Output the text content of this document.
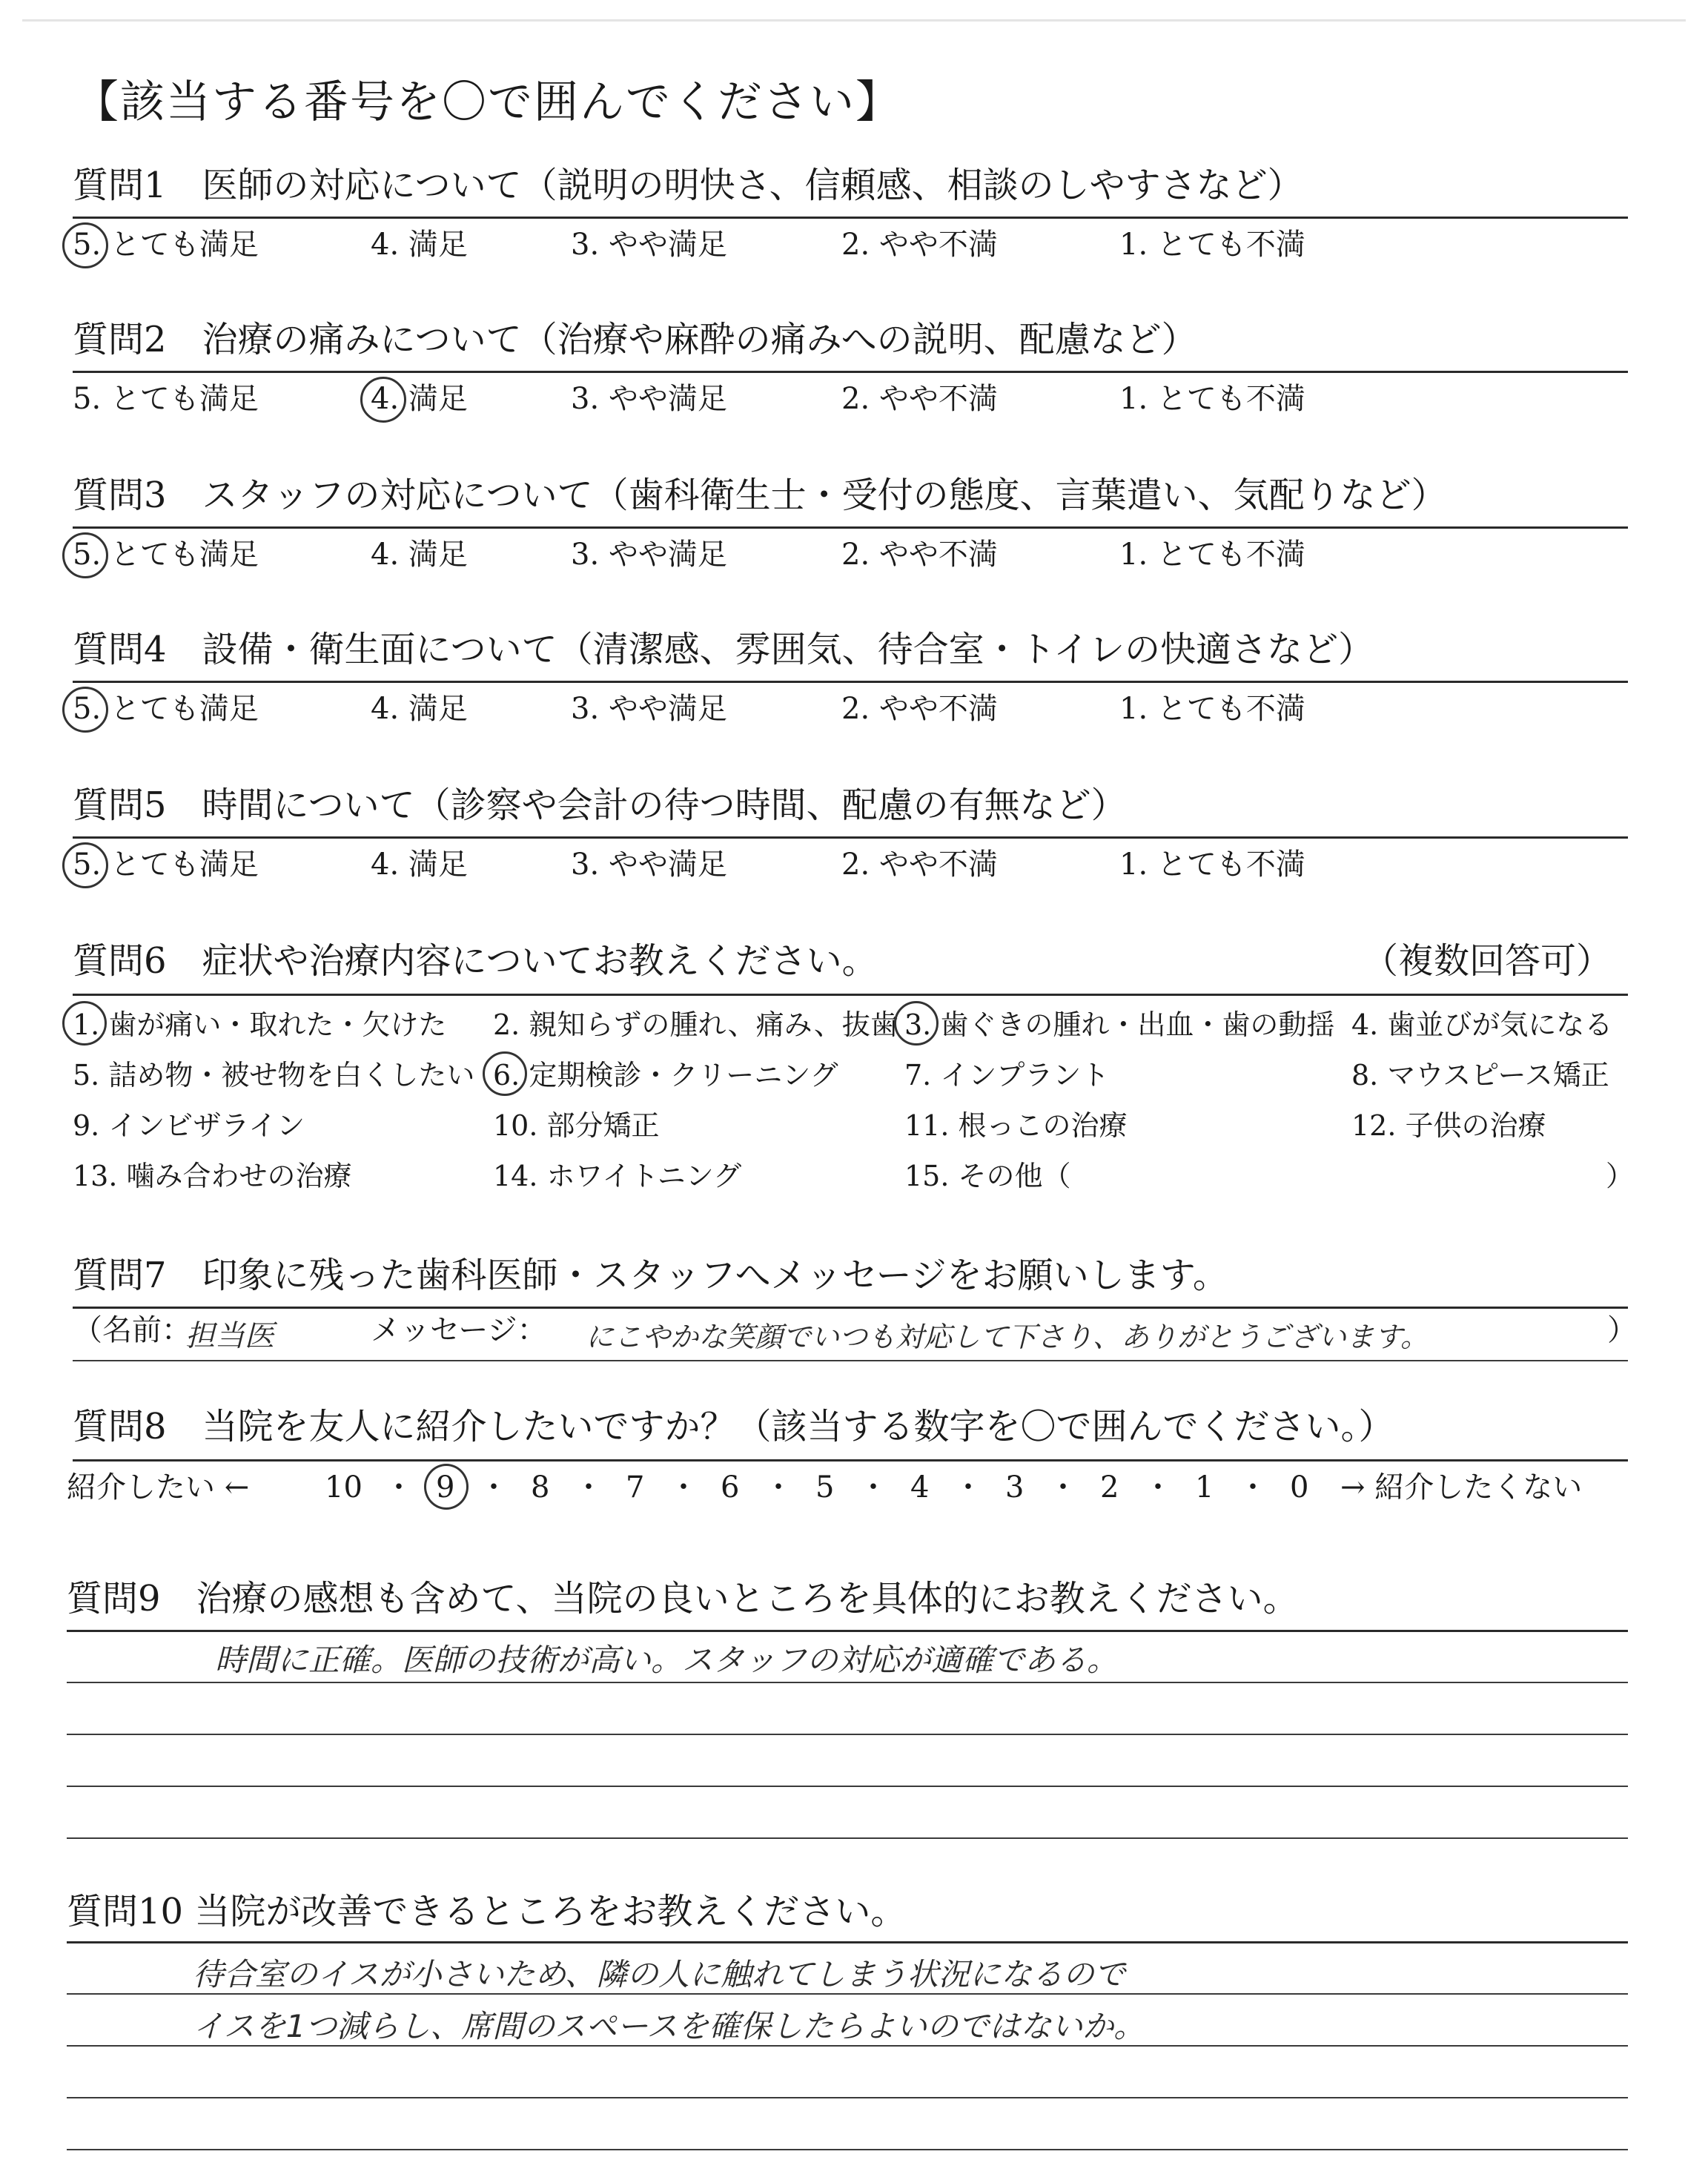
【該当する番号を〇で囲んでください】
質問1　医師の対応について（説明の明快さ、信頼感、相談のしやすさなど）
5. とても満足	4. 満足	3. やや満足	2. やや不満	1. とても不満
質問2　治療の痛みについて（治療や麻酔の痛みへの説明、配慮など）
5. とても満足	4. 満足	3. やや満足	2. やや不満	1. とても不満
質問3　スタッフの対応について（歯科衛生士・受付の態度、言葉遣い、気配りなど）
5. とても満足	4. 満足	3. やや満足	2. やや不満	1. とても不満
質問4　設備・衛生面について（清潔感、雰囲気、待合室・トイレの快適さなど）
5. とても満足	4. 満足	3. やや満足	2. やや不満	1. とても不満
質問5　時間について（診察や会計の待つ時間、配慮の有無など）
5. とても満足	4. 満足	3. やや満足	2. やや不満	1. とても不満
質問6　症状や治療内容についてお教えください。	（複数回答可）
1. 歯が痛い・取れた・欠けた 2. 親知らずの腫れ、痛み、抜歯 3. 歯ぐきの腫れ・出血・歯の動揺 4. 歯並びが気になる
5. 詰め物・被せ物を白くしたい 6. 定期検診・クリーニング 7. インプラント	8. マウスピース矯正
9. インビザライン	10. 部分矯正	11. 根っこの治療	12. 子供の治療
13. 噛み合わせの治療	14. ホワイトニング	15. その他（	）
質問7　印象に残った歯科医師・スタッフへメッセージをお願いします。
（名前：
担当医	メッセージ： にこやかな笑顔でいつも対応して下さり、ありがとうございます。	）
質問8　当院を友人に紹介したいですか？（該当する数字を〇で囲んでください。）
紹介したい ←	10 ・ 9 ・ 8 ・ 7 ・ 6 ・ 5 ・ 4 ・ 3 ・ 2 ・ 1 ・ 0 → 紹介したくない
質問9　治療の感想も含めて、当院の良いところを具体的にお教えください。
時間に正確。医師の技術が高い。スタッフの対応が適確である。
質問10 当院が改善できるところをお教えください。
待合室のイスが小さいため、隣の人に触れてしまう状況になるので
イスを1つ減らし、席間のスペースを確保したらよいのではないか。
